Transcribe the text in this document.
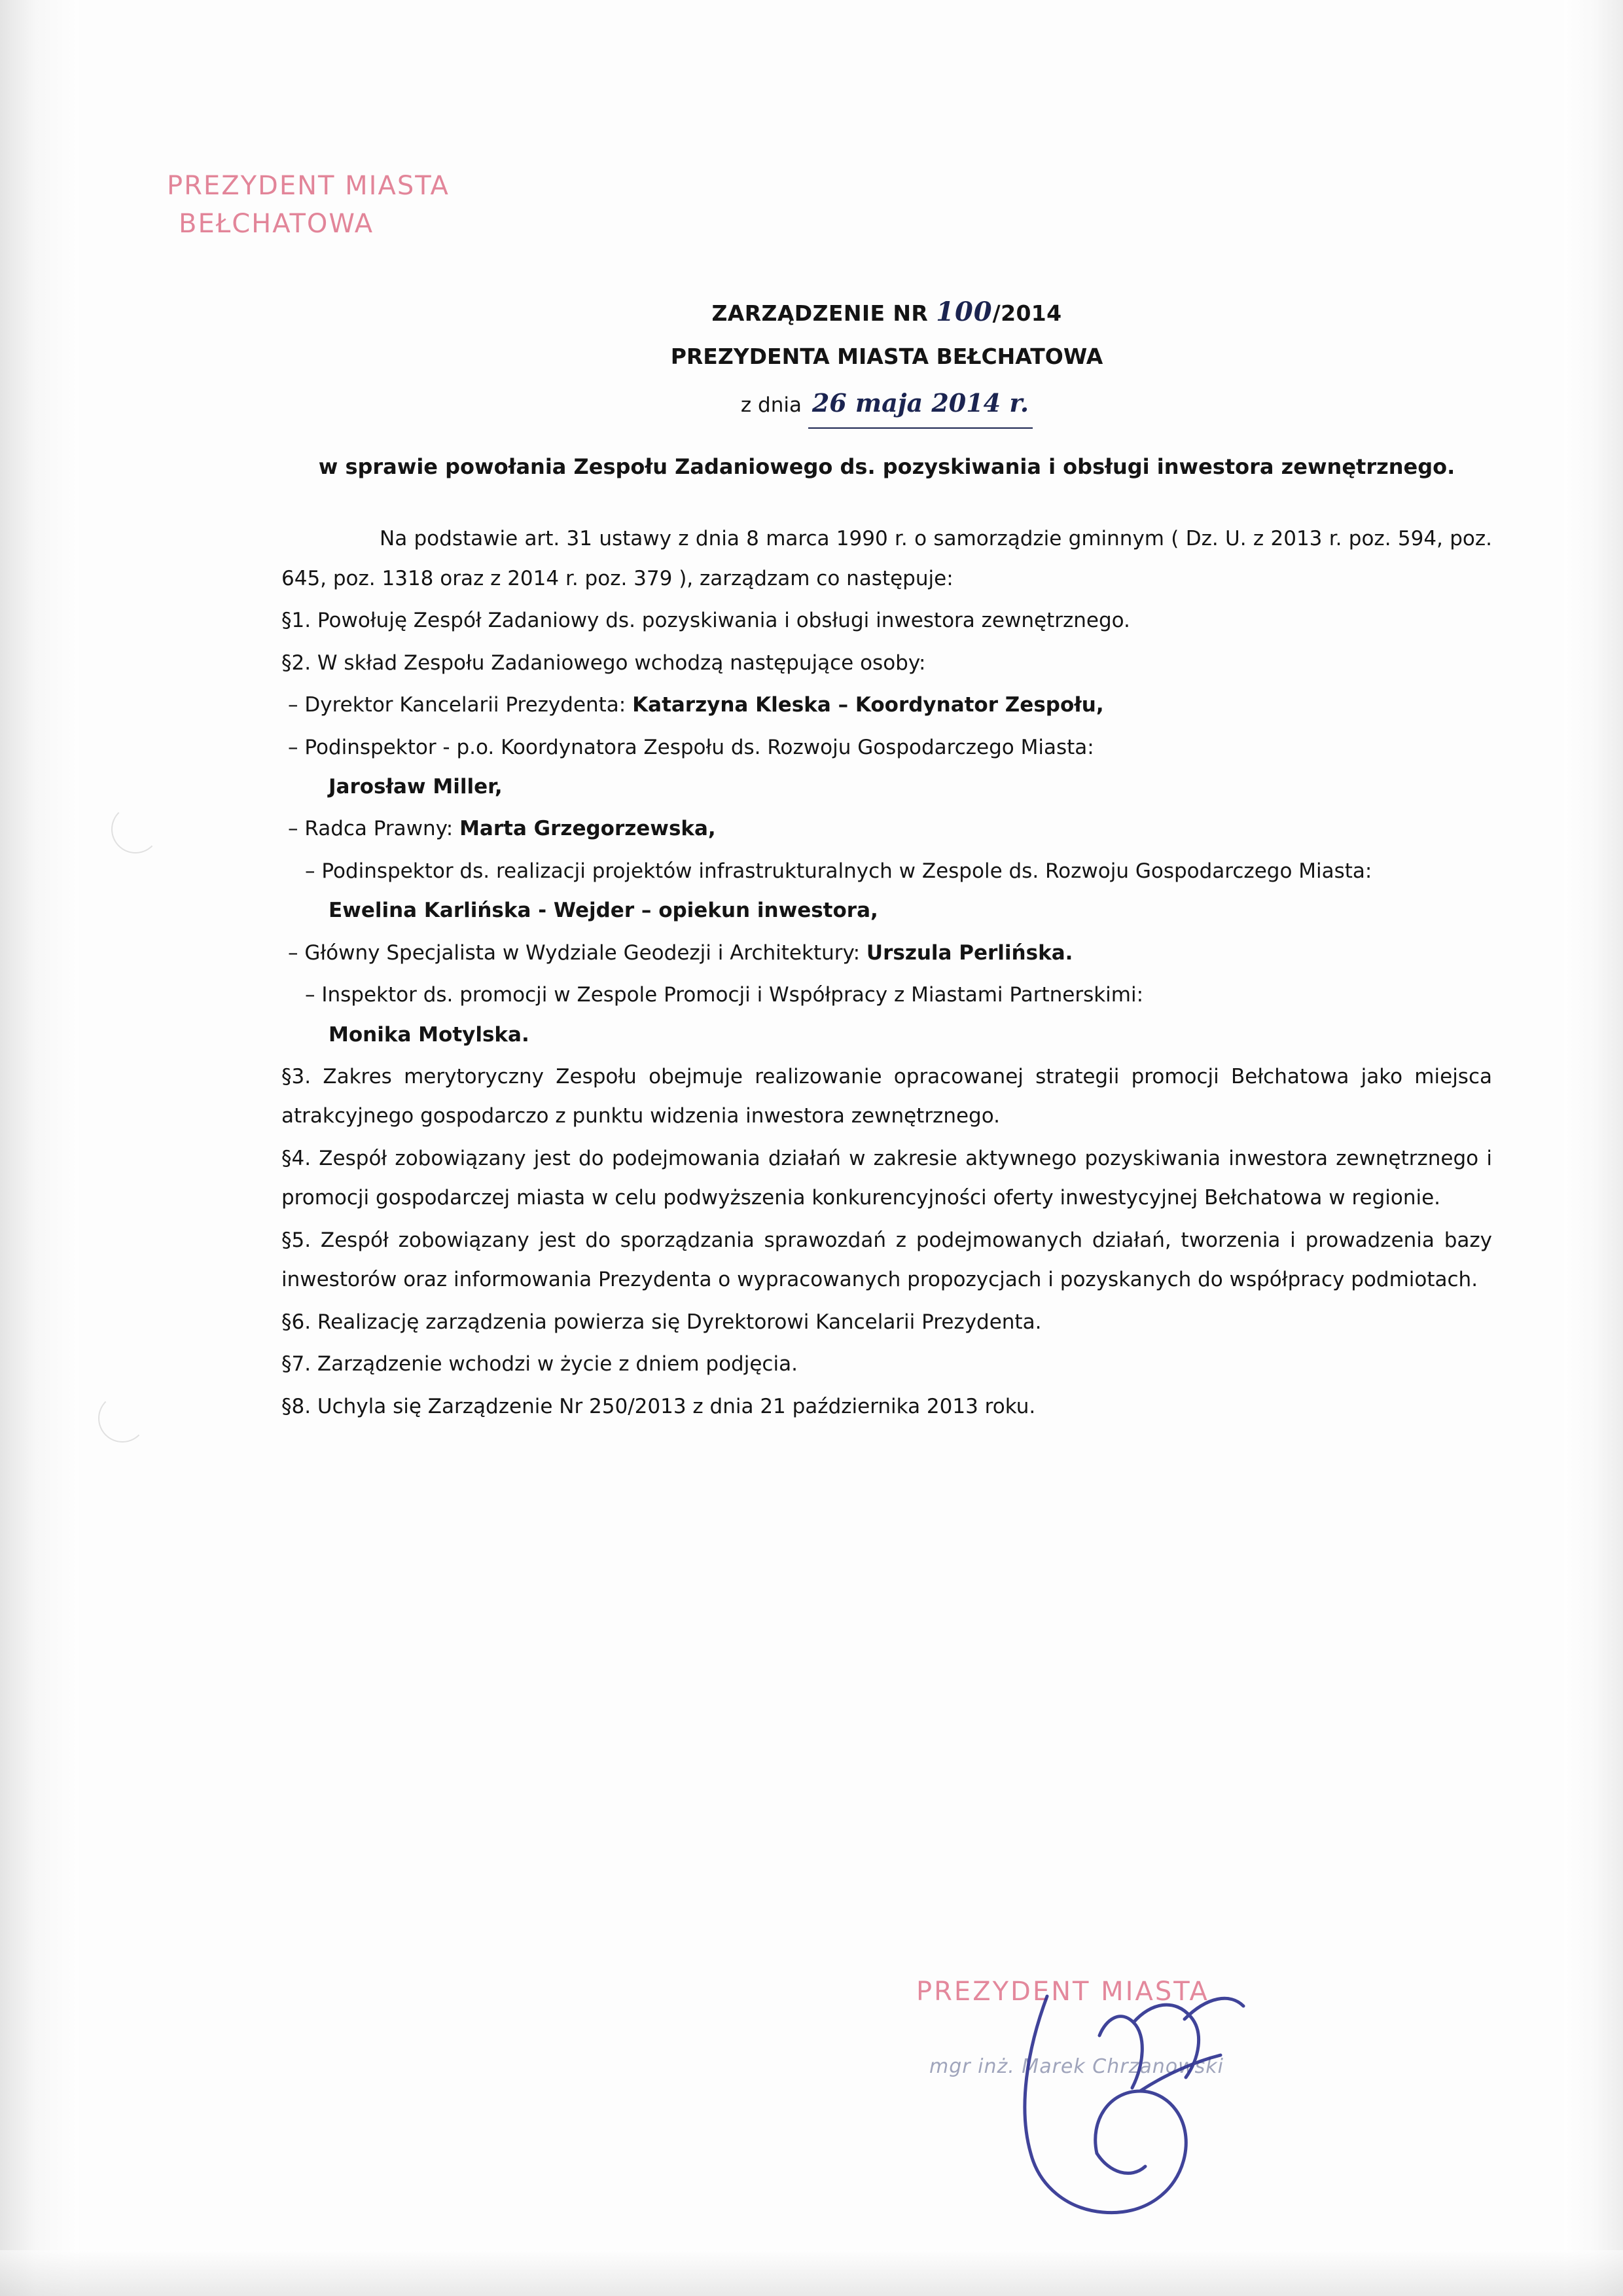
PREZYDENT MIASTA
BEŁCHATOWA
ZARZĄDZENIE NR 100/2014
PREZYDENTA MIASTA BEŁCHATOWA
z dnia 26 maja 2014 r.
w sprawie powołania Zespołu Zadaniowego ds. pozyskiwania i obsługi inwestora zewnętrznego.

Na podstawie art. 31 ustawy z dnia 8 marca 1990 r. o samorządzie gminnym ( Dz. U. z 2013 r. poz. 594, poz. 645, poz. 1318 oraz z 2014 r. poz. 379 ), zarządzam co następuje:

§1. Powołuję Zespół Zadaniowy ds. pozyskiwania i obsługi inwestora zewnętrznego.

§2. W skład Zespołu Zadaniowego wchodzą następujące osoby:

– Dyrektor Kancelarii Prezydenta: Katarzyna Kleska – Koordynator Zespołu,

– Podinspektor - p.o. Koordynatora Zespołu ds. Rozwoju Gospodarczego Miasta:

Jarosław Miller,

– Radca Prawny: Marta Grzegorzewska,

– Podinspektor ds. realizacji projektów infrastrukturalnych w Zespole ds. Rozwoju Gospodarczego Miasta:

Ewelina Karlińska - Wejder – opiekun inwestora,

– Główny Specjalista w Wydziale Geodezji i Architektury: Urszula Perlińska.

– Inspektor ds. promocji w Zespole Promocji i Współpracy z Miastami Partnerskimi:

Monika Motylska.

§3. Zakres merytoryczny Zespołu obejmuje realizowanie opracowanej strategii promocji Bełchatowa jako miejsca atrakcyjnego gospodarczo z punktu widzenia inwestora zewnętrznego.

§4. Zespół zobowiązany jest do podejmowania działań w zakresie aktywnego pozyskiwania inwestora zewnętrznego i promocji gospodarczej miasta w celu podwyższenia konkurencyjności oferty inwestycyjnej Bełchatowa w regionie.

§5. Zespół zobowiązany jest do sporządzania sprawozdań z podejmowanych działań, tworzenia i prowadzenia bazy inwestorów oraz informowania Prezydenta o wypracowanych propozycjach i pozyskanych do współpracy podmiotach.

§6. Realizację zarządzenia powierza się Dyrektorowi Kancelarii Prezydenta.

§7. Zarządzenie wchodzi w życie z dniem podjęcia.

§8. Uchyla się Zarządzenie Nr 250/2013 z dnia 21 października 2013 roku.

PREZYDENT MIASTA
mgr inż. Marek Chrzanowski
